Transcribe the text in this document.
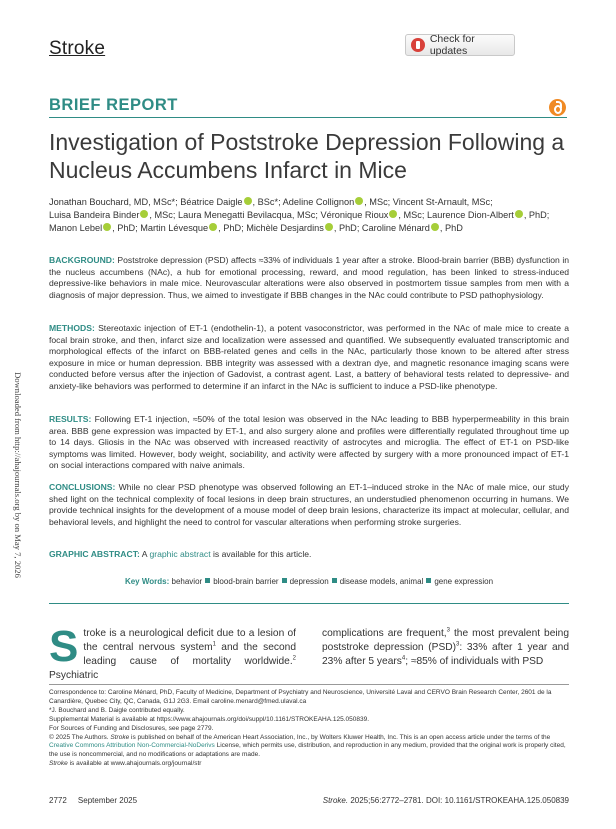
Stroke	Check for updates
BRIEF REPORT
Investigation of Poststroke Depression Following a Nucleus Accumbens Infarct in Mice
Jonathan Bouchard, MD, MSc*; Béatrice Daigle , BSc*; Adeline Collignon , MSc; Vincent St-Arnault, MSc;
Luisa Bandeira Binder , MSc; Laura Menegatti Bevilacqua, MSc; Véronique Rioux , MSc; Laurence Dion-Albert , PhD;
Manon Lebel , PhD; Martin Lévesque , PhD; Michèle Desjardins , PhD; Caroline Ménard , PhD
BACKGROUND: Poststroke depression (PSD) affects ≈33% of individuals 1 year after a stroke. Blood-brain barrier (BBB) dysfunction in the nucleus accumbens (NAc), a hub for emotional processing, reward, and mood regulation, has been linked to stress-induced depressive-like behaviors in male mice. Neurovascular alterations were also observed in postmortem tissue samples from men with a diagnosis of major depression. Thus, we aimed to investigate if BBB changes in the NAc could contribute to PSD pathophysiology.
METHODS: Stereotaxic injection of ET-1 (endothelin-1), a potent vasoconstrictor, was performed in the NAc of male mice to create a focal brain stroke, and then, infarct size and localization were assessed and quantified. We subsequently evaluated transcriptomic and morphological effects of the infarct on BBB-related genes and cells in the NAc, particularly those known to be altered after stress exposure in mice or human depression. BBB integrity was assessed with a dextran dye, and magnetic resonance imaging scans were conducted before versus after the injection of Gadovist, a contrast agent. Last, a battery of behavioral tests related to depressive- and anxiety-like behaviors was performed to determine if an infarct in the NAc is sufficient to induce a PSD-like phenotype.
RESULTS: Following ET-1 injection, ≈50% of the total lesion was observed in the NAc leading to BBB hyperpermeability in this brain area. BBB gene expression was impacted by ET-1, and also surgery alone and profiles were differentially regulated throughout time up to 14 days. Gliosis in the NAc was observed with increased reactivity of astrocytes and microglia. The effect of ET-1 on PSD-like symptoms was limited. However, body weight, sociability, and activity were affected by surgery with a more pronounced impact of ET-1 on social interactions compared with naive animals.
CONCLUSIONS: While no clear PSD phenotype was observed following an ET-1–induced stroke in the NAc of male mice, our study shed light on the technical complexity of focal lesions in deep brain structures, an understudied phenomenon occurring in humans. We provide technical insights for the development of a mouse model of deep brain lesions, characterize its impact at molecular, cellular, and behavioral levels, and highlight the need to control for vascular alterations when performing stroke surgeries.
GRAPHIC ABSTRACT: A graphic abstract is available for this article.
Key Words: behavior blood-brain barrier depression disease models, animal gene expression
Downloaded from http://ahajournals.org by on May 7, 2026
Stroke is a neurological deficit due to a lesion of the central nervous system$^1$ and the second leading cause of mortality worldwide.$^2$ Psychiatric
complications are frequent,$^3$ the most prevalent being poststroke depression (PSD)$^3$: 33% after 1 year and 23% after 5 years$^4$; ≈85% of individuals with PSD

Correspondence to: Caroline Ménard, PhD, Faculty of Medicine, Department of Psychiatry and Neuroscience, Université Laval and CERVO Brain Research Center, 2601 de la Canardière, Quebec City, QC, Canada, G1J 2G3. Email caroline.menard@fmed.ulaval.ca

*J. Bouchard and B. Daigle contributed equally.

Supplemental Material is available at https://www.ahajournals.org/doi/suppl/10.1161/STROKEAHA.125.050839.

For Sources of Funding and Disclosures, see page 2779.

© 2025 The Authors. Stroke is published on behalf of the American Heart Association, Inc., by Wolters Kluwer Health, Inc. This is an open access article under the terms of the Creative Commons Attribution Non-Commercial-NoDerivs License, which permits use, distribution, and reproduction in any medium, provided that the original work is properly cited, the use is noncommercial, and no modifications or adaptations are made.

Stroke is available at www.ahajournals.org/journal/str

2772     September 2025	Stroke. 2025;56:2772–2781. DOI: 10.1161/STROKEAHA.125.050839
